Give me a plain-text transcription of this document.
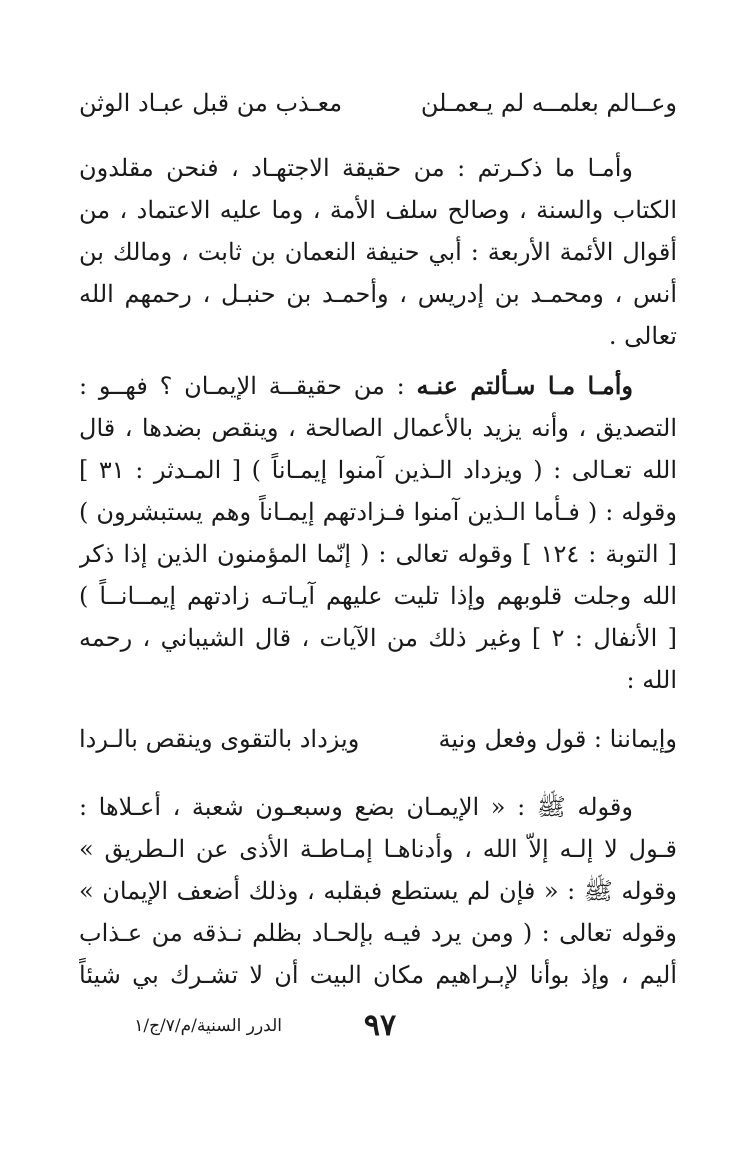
وعــالم بعلمــه لم يـعمـلن
معـذب من قبل عبـاد الوثن

وأمـا ما ذكـرتم : من حقيقة الاجتهـاد ، فنحن مقلدون

الكتاب والسنة ، وصالح سلف الأمة ، وما عليه الاعتماد ، من

أقوال الأئمة الأربعة : أبي حنيفة النعمان بن ثابت ، ومالك بن

أنس ، ومحمـد بن إدريس ، وأحمـد بن حنبـل ، رحمهم الله

تعالى .

وأمـا مـا سـألتم عنـه : من حقيقــة الإيمـان ؟ فهــو :

التصديق ، وأنه يزيد بالأعمال الصالحة ، وينقص بضدها ، قال

الله تعـالى : ( ويزداد الـذين آمنوا إيمـاناً ) [ المـدثر : ٣١ ]

وقوله : ( فـأما الـذين آمنوا فـزادتهم إيمـاناً وهم يستبشرون )

[ التوبة : ١٢٤ ] وقوله تعالى : ( إنّما المؤمنون الذين إذا ذكر

الله وجلت قلوبهم وإذا تليت عليهم آيـاتـه زادتهم إيمــانــاً )

[ الأنفال : ٢ ] وغير ذلك من الآيات ، قال الشيباني ، رحمه

الله :

وإيماننا : قول وفعل ونية
ويزداد بالتقوى وينقص بالـردا

وقوله ﷺ : « الإيمـان بضع وسبعـون شعبة ، أعـلاها :

قـول لا إلـه إلاّ الله ، وأدناهـا إمـاطـة الأذى عن الـطريق »

وقوله ﷺ : « فإن لم يستطع فبقلبه ، وذلك أضعف الإيمان »

وقوله تعالى : ( ومن يرد فيـه بإلحـاد بظلم نـذقه من عـذاب

أليم ، وإذ بوأنا لإبـراهيم مكان البيت أن لا تشـرك بي شيئاً

٩٧
الدرر السنية/م/٧/ج/١
